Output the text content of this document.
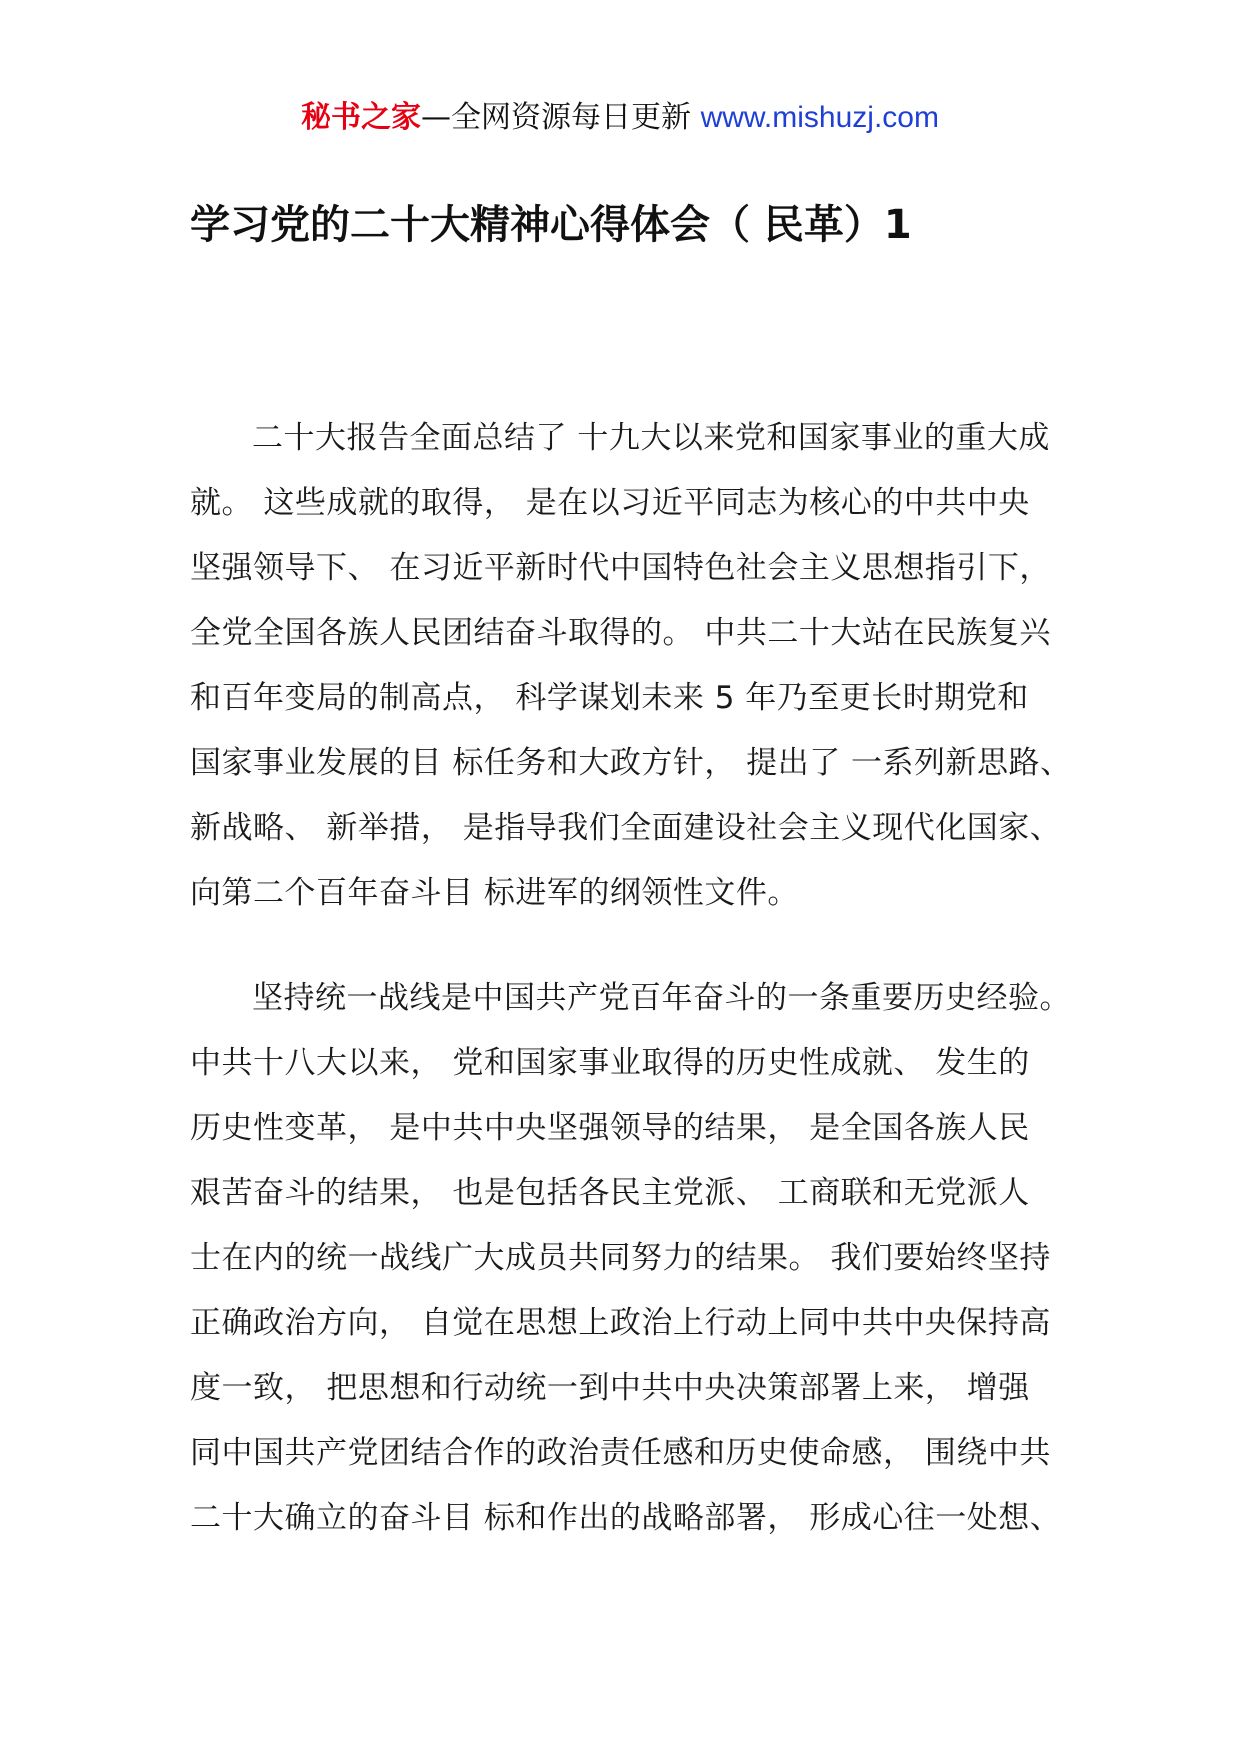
秘书之家—全网资源每日更新 www.mishuzj.com
学习党的二十大精神心得体会（ 民革）1
二十大报告全面总结了 十九大以来党和国家事业的重大成
就。 这些成就的取得， 是在以习近平同志为核心的中共中央
坚强领导下、 在习近平新时代中国特色社会主义思想指引下，
全党全国各族人民团结奋斗取得的。 中共二十大站在民族复兴
和百年变局的制高点， 科学谋划未来 5 年乃至更长时期党和
国家事业发展的目 标任务和大政方针， 提出了 一系列新思路、
新战略、 新举措， 是指导我们全面建设社会主义现代化国家、
向第二个百年奋斗目 标进军的纲领性文件。
坚持统一战线是中国共产党百年奋斗的一条重要历史经验。
中共十八大以来， 党和国家事业取得的历史性成就、 发生的
历史性变革， 是中共中央坚强领导的结果， 是全国各族人民
艰苦奋斗的结果， 也是包括各民主党派、 工商联和无党派人
士在内的统一战线广大成员共同努力的结果。 我们要始终坚持
正确政治方向， 自觉在思想上政治上行动上同中共中央保持高
度一致， 把思想和行动统一到中共中央决策部署上来， 增强
同中国共产党团结合作的政治责任感和历史使命感， 围绕中共
二十大确立的奋斗目 标和作出的战略部署， 形成心往一处想、
